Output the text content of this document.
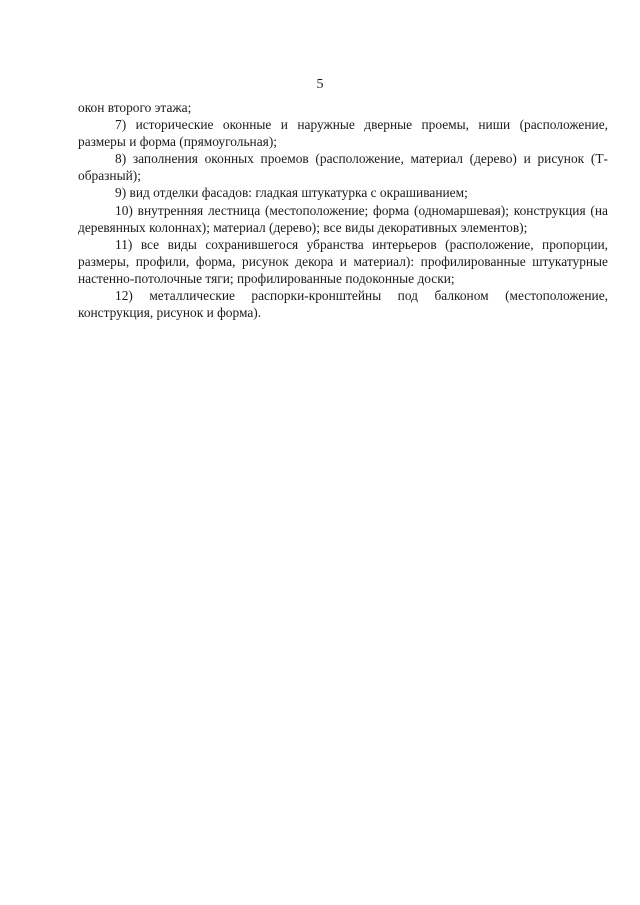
5

окон второго этажа;

7) исторические оконные и наружные дверные проемы, ниши (расположение, размеры и форма (прямоугольная);

8) заполнения оконных проемов (расположение, материал (дерево) и рисунок (Т-образный);

9) вид отделки фасадов: гладкая штукатурка с окрашиванием;

10) внутренняя лестница (местоположение; форма (одномаршевая); конструкция (на деревянных колоннах); материал (дерево); все виды декоративных элементов);

11) все виды сохранившегося убранства интерьеров (расположение, пропорции, размеры, профили, форма, рисунок декора и материал): профилированные штукатурные настенно-потолочные тяги; профилированные подоконные доски;

12) металлические распорки-кронштейны под балконом (местоположение, конструкция, рисунок и форма).
